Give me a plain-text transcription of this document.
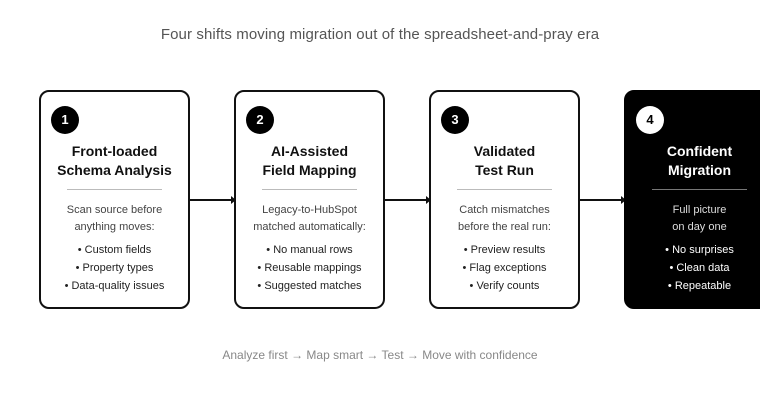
Four shifts moving migration out of the spreadsheet-and-pray era
1
Front-loaded
Schema Analysis
Scan source before
anything moves:
• Custom fields
• Property types
• Data-quality issues
2
AI-Assisted
Field Mapping
Legacy-to-HubSpot
matched automatically:
• No manual rows
• Reusable mappings
• Suggested matches
3
Validated
Test Run
Catch mismatches
before the real run:
• Preview results
• Flag exceptions
• Verify counts
4
Confident
Migration
Full picture
on day one
• No surprises
• Clean data
• Repeatable
Analyze first → Map smart → Test → Move with confidence
